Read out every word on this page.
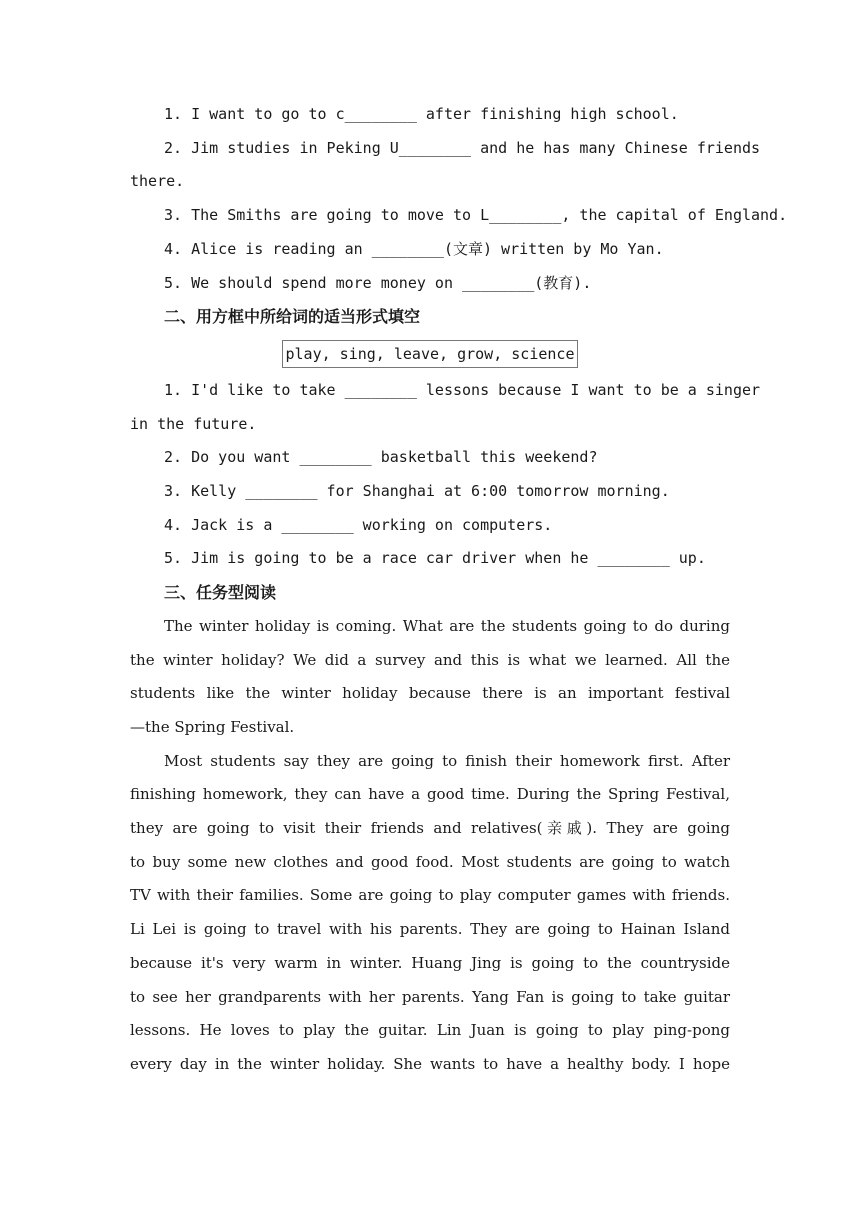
1. I want to go to c________ after finishing high school.
2. Jim studies in Peking U________ and he has many Chinese friends
there.
3. The Smiths are going to move to L________, the capital of England.
4. Alice is reading an ________(文章) written by Mo Yan.
5. We should spend more money on ________(教育).
二、用方框中所给词的适当形式填空
play, sing, leave, grow, science
1. I'd like to take ________ lessons because I want to be a singer
in the future.
2. Do you want ________ basketball this weekend?
3. Kelly ________ for Shanghai at 6:00 tomorrow morning.
4. Jack is a ________ working on computers.
5. Jim is going to be a race car driver when he ________ up.
三、任务型阅读
The winter holiday is coming. What are the students going to do during
the winter holiday? We did a survey and this is what we learned. All the
students like the winter holiday because there is an important festival
—the Spring Festival.
Most students say they are going to finish their homework first. After
finishing homework, they can have a good time. During the Spring Festival,
they are going to visit their friends and relatives(亲戚). They are going
to buy some new clothes and good food. Most students are going to watch
TV with their families. Some are going to play computer games with friends.
Li Lei is going to travel with his parents. They are going to Hainan Island
because it's very warm in winter. Huang Jing is going to the countryside
to see her grandparents with her parents. Yang Fan is going to take guitar
lessons. He loves to play the guitar. Lin Juan is going to play ping-pong
every day in the winter holiday. She wants to have a healthy body. I hope
